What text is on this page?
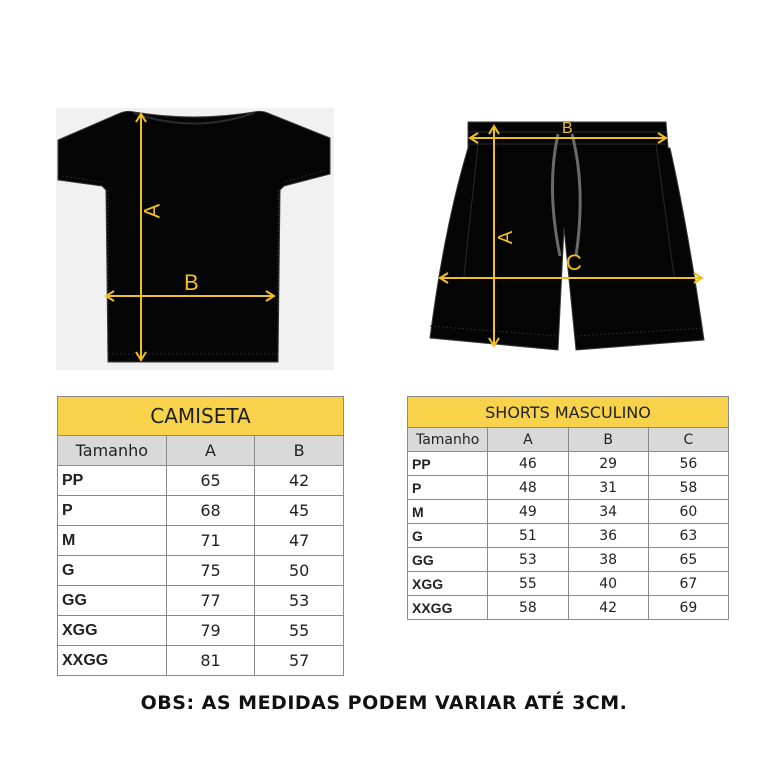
A
B
B
A
C
CAMISETA		
Tamanho	A	B
PP	65	42
P	68	45
M	71	47
G	75	50
GG	77	53
XGG	79	55
XXGG	81	57
SHORTS MASCULINO			
Tamanho	A	B	C
PP	46	29	56
P	48	31	58
M	49	34	60
G	51	36	63
GG	53	38	65
XGG	55	40	67
XXGG	58	42	69
OBS: AS MEDIDAS PODEM VARIAR ATÉ 3CM.
